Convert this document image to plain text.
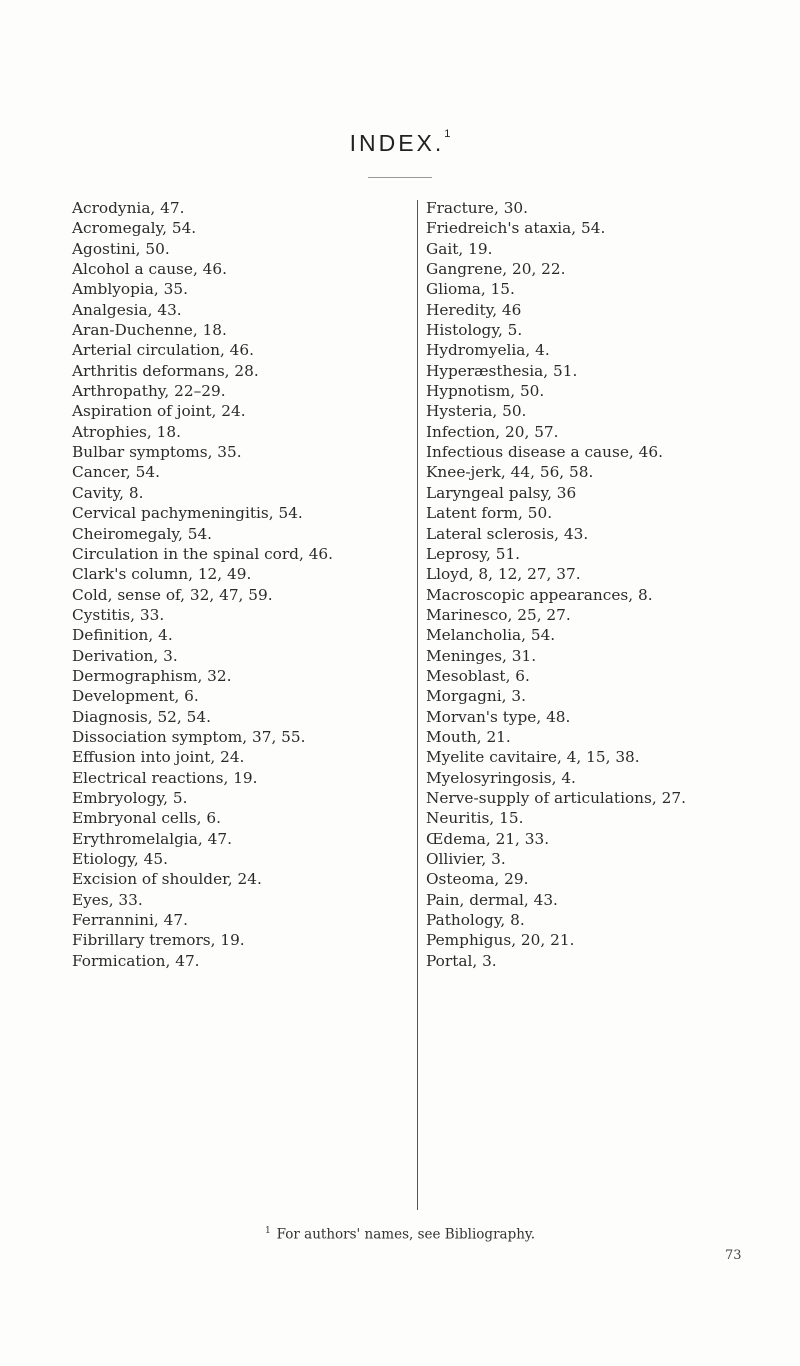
INDEX.$^1$
Acrodynia, 47.
Acromegaly, 54.
Agostini, 50.
Alcohol a cause, 46.
Amblyopia, 35.
Analgesia, 43.
Aran-Duchenne, 18.
Arterial circulation, 46.
Arthritis deformans, 28.
Arthropathy, 22–29.
Aspiration of joint, 24.
Atrophies, 18.
Bulbar symptoms, 35.
Cancer, 54.
Cavity, 8.
Cervical pachymeningitis, 54.
Cheiromegaly, 54.
Circulation in the spinal cord, 46.
Clark's column, 12, 49.
Cold, sense of, 32, 47, 59.
Cystitis, 33.
Definition, 4.
Derivation, 3.
Dermographism, 32.
Development, 6.
Diagnosis, 52, 54.
Dissociation symptom, 37, 55.
Effusion into joint, 24.
Electrical reactions, 19.
Embryology, 5.
Embryonal cells, 6.
Erythromelalgia, 47.
Etiology, 45.
Excision of shoulder, 24.
Eyes, 33.
Ferrannini, 47.
Fibrillary tremors, 19.
Formication, 47.
Fracture, 30.
Friedreich's ataxia, 54.
Gait, 19.
Gangrene, 20, 22.
Glioma, 15.
Heredity, 46
Histology, 5.
Hydromyelia, 4.
Hyperæsthesia, 51.
Hypnotism, 50.
Hysteria, 50.
Infection, 20, 57.
Infectious disease a cause, 46.
Knee-jerk, 44, 56, 58.
Laryngeal palsy, 36
Latent form, 50.
Lateral sclerosis, 43.
Leprosy, 51.
Lloyd, 8, 12, 27, 37.
Macroscopic appearances, 8.
Marinesco, 25, 27.
Melancholia, 54.
Meninges, 31.
Mesoblast, 6.
Morgagni, 3.
Morvan's type, 48.
Mouth, 21.
Myelite cavitaire, 4, 15, 38.
Myelosyringosis, 4.
Nerve-supply of articulations, 27.
Neuritis, 15.
Œdema, 21, 33.
Ollivier, 3.
Osteoma, 29.
Pain, dermal, 43.
Pathology, 8.
Pemphigus, 20, 21.
Portal, 3.
$^1$ For authors' names, see Bibliography.
73
